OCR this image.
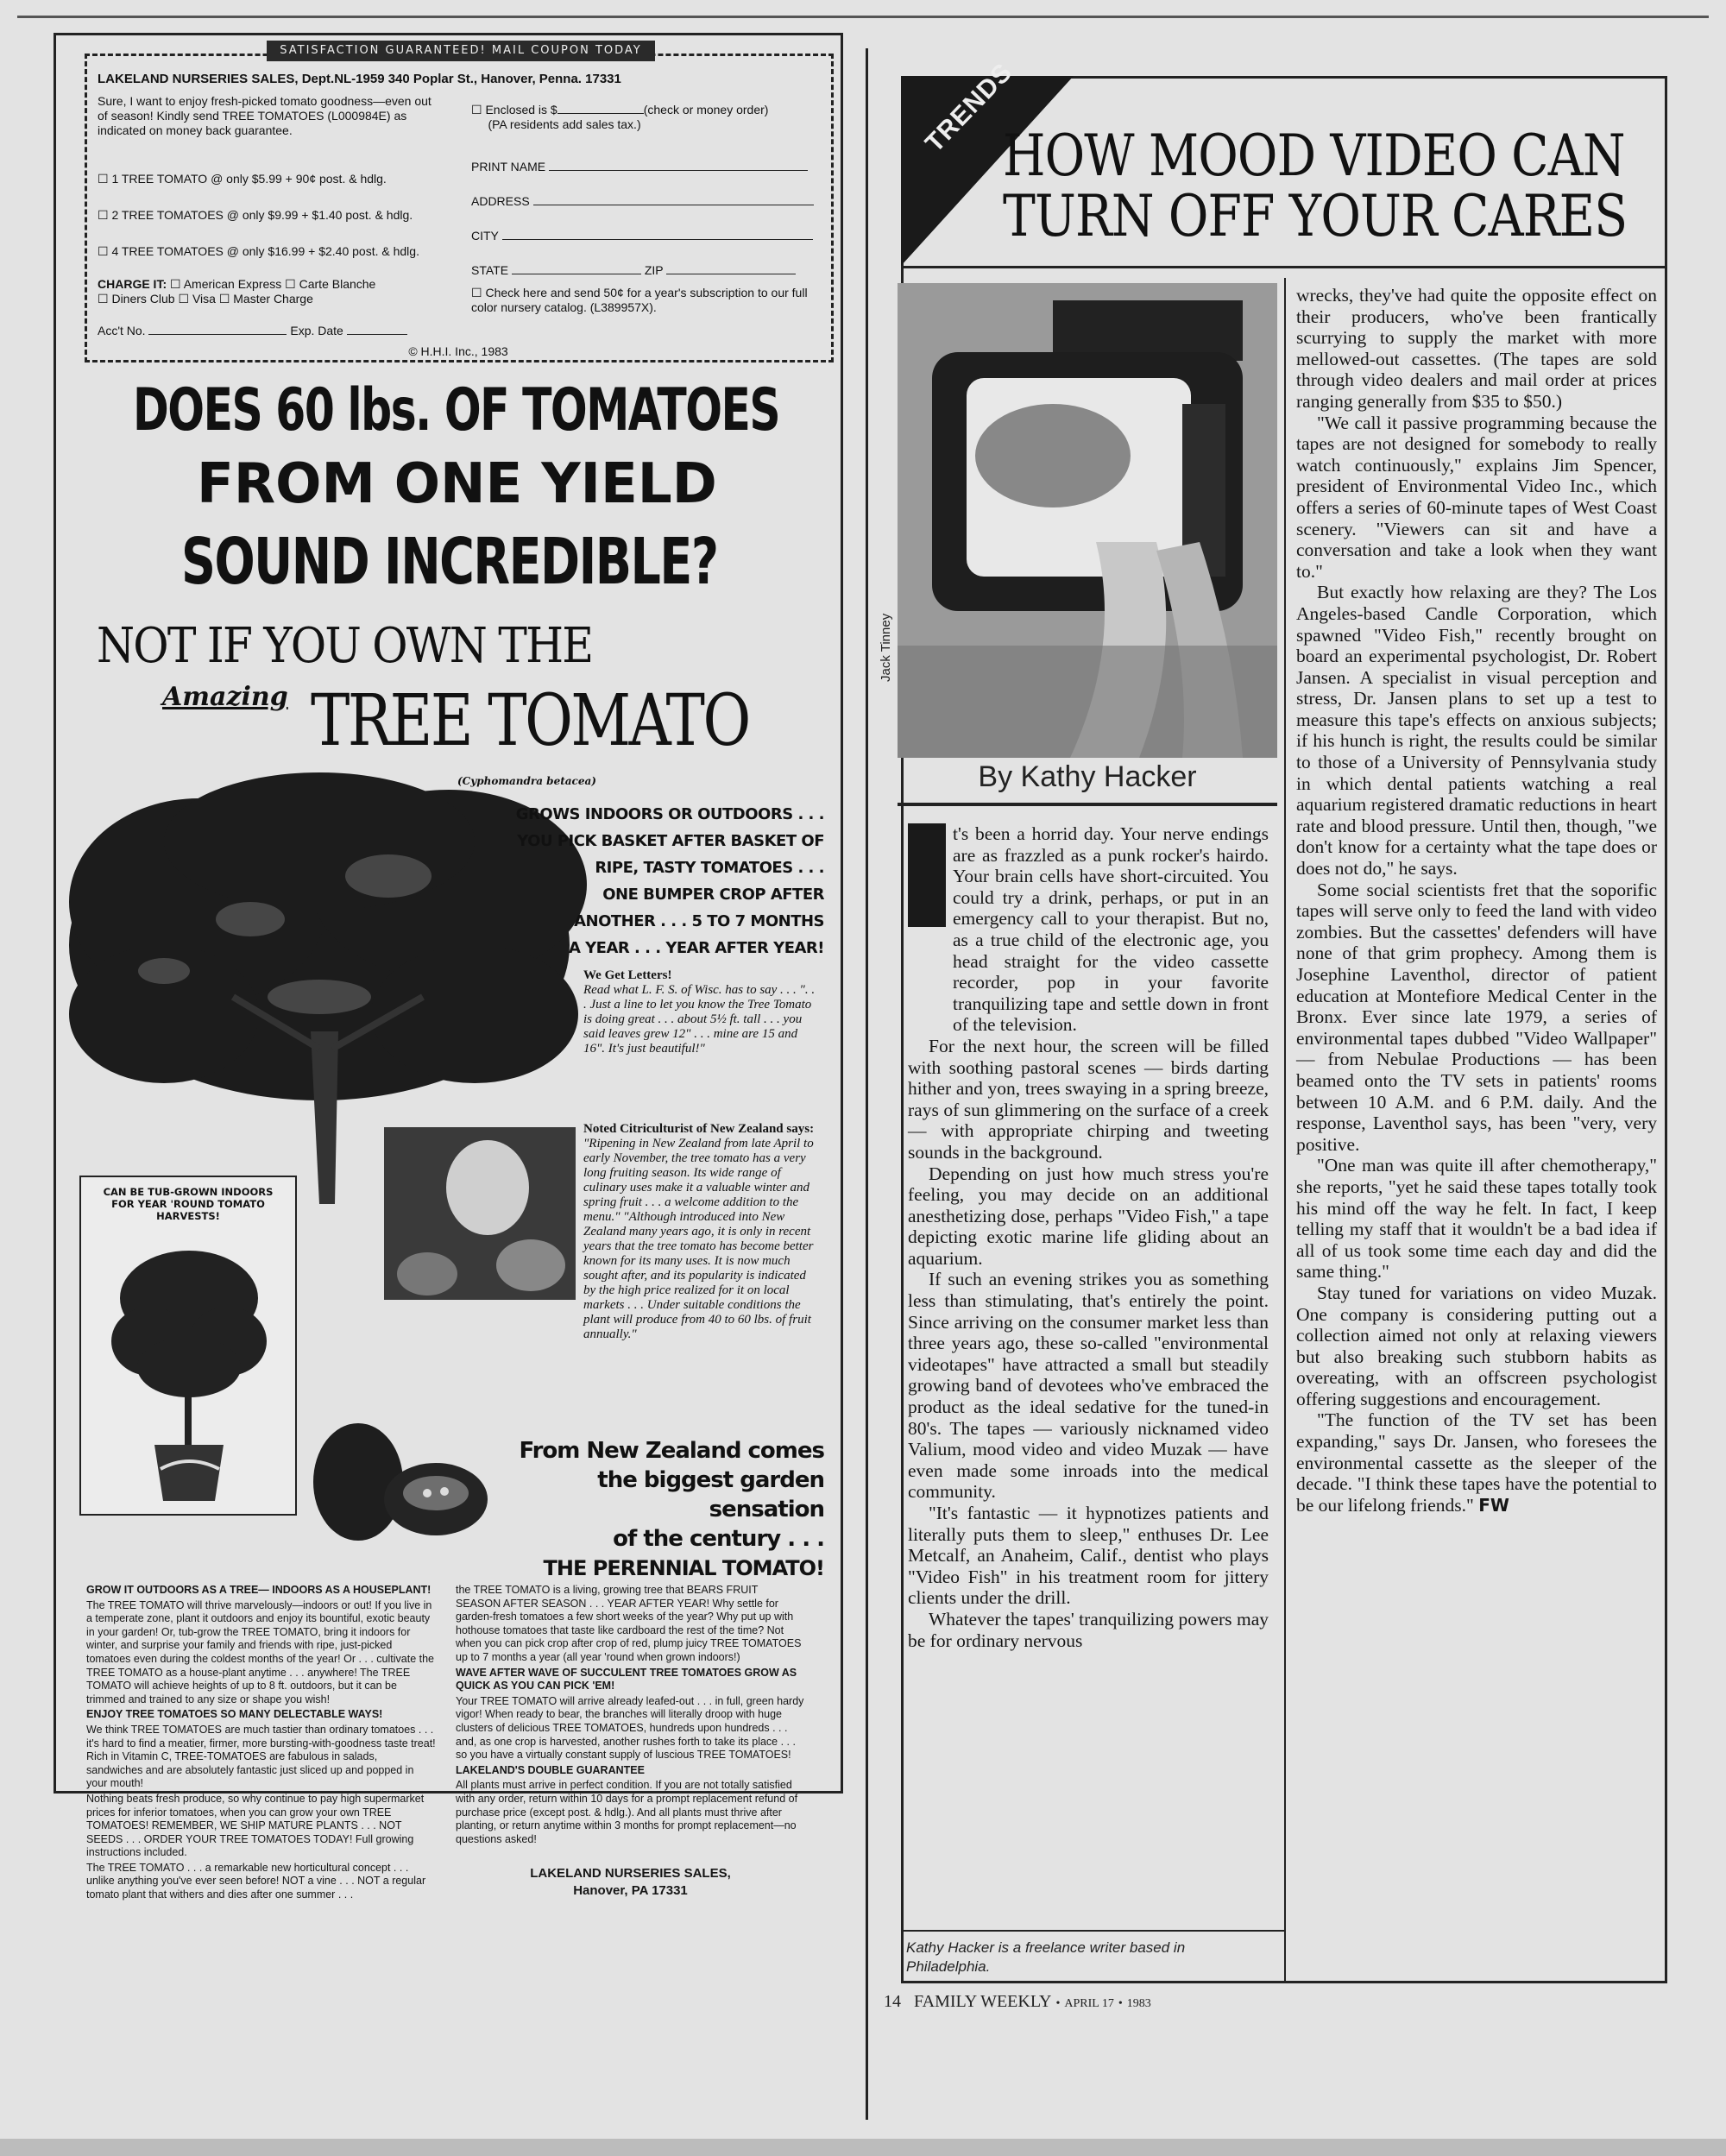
SATISFACTION GUARANTEED! MAIL COUPON TODAY
LAKELAND NURSERIES SALES, Dept.NL-1959 340 Poplar St., Hanover, Penna. 17331
Sure, I want to enjoy fresh-picked tomato goodness—even out of season! Kindly send TREE TOMATOES (L000984E) as indicated on money back guarantee.
☐ 1 TREE TOMATO @ only $5.99 + 90¢ post. & hdlg.
☐ 2 TREE TOMATOES @ only $9.99 + $1.40 post. & hdlg.
☐ 4 TREE TOMATOES @ only $16.99 + $2.40 post. & hdlg.
CHARGE IT: ☐ American Express ☐ Carte Blanche
☐ Diners Club ☐ Visa ☐ Master Charge
Acc't No.	Exp. Date
☐ Enclosed is $	(check or money order)
(PA residents add sales tax.)
PRINT NAME
ADDRESS
CITY
STATE	ZIP
☐ Check here and send 50¢ for a year's subscription to our full color nursery catalog. (L389957X).
© H.H.I. Inc., 1983
DOES 60 lbs. OF TOMATOES
FROM ONE YIELD
SOUND INCREDIBLE?
NOT IF YOU OWN THE
Amazing TREE TOMATO
(Cyphomandra betacea)
GROWS INDOORS OR OUTDOORS . . .
YOU PICK BASKET AFTER BASKET OF
RIPE, TASTY TOMATOES . . .
ONE BUMPER CROP AFTER
ANOTHER . . . 5 TO 7 MONTHS
A YEAR . . . YEAR AFTER YEAR!
We Get Letters!
Read what L. F. S. of Wisc. has to say . . . ". . . Just a line to let you know the Tree Tomato is doing great . . . about 5½ ft. tall . . . you said leaves grew 12" . . . mine are 15 and 16". It's just beautiful!"
Noted Citriculturist of New Zealand says:
"Ripening in New Zealand from late April to early November, the tree tomato has a very long fruiting season. Its wide range of culinary uses make it a valuable winter and spring fruit . . . a welcome addition to the menu." "Although introduced into New Zealand many years ago, it is only in recent years that the tree tomato has become better known for its many uses. It is now much sought after, and its popularity is indicated by the high price realized for it on local markets . . . Under suitable conditions the plant will produce from 40 to 60 lbs. of fruit annually."
CAN BE TUB-GROWN INDOORS FOR YEAR 'ROUND TOMATO HARVESTS!
From New Zealand comes
the biggest garden sensation
of the century . . .
THE PERENNIAL TOMATO!

GROW IT OUTDOORS AS A TREE— INDOORS AS A HOUSEPLANT!

The TREE TOMATO will thrive marvelously—indoors or out! If you live in a temperate zone, plant it outdoors and enjoy its bountiful, exotic beauty in your garden! Or, tub-grow the TREE TOMATO, bring it indoors for winter, and surprise your family and friends with ripe, just-picked tomatoes even during the coldest months of the year! Or . . . cultivate the TREE TOMATO as a house-plant anytime . . . anywhere! The TREE TOMATO will achieve heights of up to 8 ft. outdoors, but it can be trimmed and trained to any size or shape you wish!

ENJOY TREE TOMATOES SO MANY DELECTABLE WAYS!

We think TREE TOMATOES are much tastier than ordinary tomatoes . . . it's hard to find a meatier, firmer, more bursting-with-goodness taste treat! Rich in Vitamin C, TREE-TOMATOES are fabulous in salads, sandwiches and are absolutely fantastic just sliced up and popped in your mouth!

Nothing beats fresh produce, so why continue to pay high supermarket prices for inferior tomatoes, when you can grow your own TREE TOMATOES! REMEMBER, WE SHIP MATURE PLANTS . . . NOT SEEDS . . . ORDER YOUR TREE TOMATOES TODAY! Full growing instructions included.

The TREE TOMATO . . . a remarkable new horticultural concept . . . unlike anything you've ever seen before! NOT a vine . . . NOT a regular tomato plant that withers and dies after one summer . . .

the TREE TOMATO is a living, growing tree that BEARS FRUIT SEASON AFTER SEASON . . . YEAR AFTER YEAR! Why settle for garden-fresh tomatoes a few short weeks of the year? Why put up with hothouse tomatoes that taste like cardboard the rest of the time? Not when you can pick crop after crop of red, plump juicy TREE TOMATOES up to 7 months a year (all year 'round when grown indoors!)

WAVE AFTER WAVE OF SUCCULENT TREE TOMATOES GROW AS QUICK AS YOU CAN PICK 'EM!

Your TREE TOMATO will arrive already leafed-out . . . in full, green hardy vigor! When ready to bear, the branches will literally droop with huge clusters of delicious TREE TOMATOES, hundreds upon hundreds . . . and, as one crop is harvested, another rushes forth to take its place . . . so you have a virtually constant supply of luscious TREE TOMATOES!

LAKELAND'S DOUBLE GUARANTEE

All plants must arrive in perfect condition. If you are not totally satisfied with any order, return within 10 days for a prompt replacement refund of purchase price (except post. & hdlg.). And all plants must thrive after planting, or return anytime within 3 months for prompt replacement—no questions asked!

LAKELAND NURSERIES SALES,
Hanover, PA 17331
TRENDS
HOW MOOD VIDEO CAN
TURN OFF YOUR CARES
Jack Tinney
By Kathy Hacker
I	t's been a horrid day. Your nerve endings are as frazzled as a punk rocker's hairdo. Your brain cells have short-circuited. You could try a drink, perhaps, or put in an emergency call to your therapist. But no, as a true child of the electronic age, you head straight for the video cassette recorder, pop in your favorite tranquilizing tape and settle down in front of the television.

For the next hour, the screen will be filled with soothing pastoral scenes — birds darting hither and yon, trees swaying in a spring breeze, rays of sun glimmering on the surface of a creek — with appropriate chirping and tweeting sounds in the background.

Depending on just how much stress you're feeling, you may decide on an additional anesthetizing dose, perhaps "Video Fish," a tape depicting exotic marine life gliding about an aquarium.

If such an evening strikes you as something less than stimulating, that's entirely the point. Since arriving on the consumer market less than three years ago, these so-called "environmental videotapes" have attracted a small but steadily growing band of devotees who've embraced the product as the ideal sedative for the tuned-in 80's. The tapes — variously nicknamed video Valium, mood video and video Muzak — have even made some inroads into the medical community.

"It's fantastic — it hypnotizes patients and literally puts them to sleep," enthuses Dr. Lee Metcalf, an Anaheim, Calif., dentist who plays "Video Fish" in his treatment room for jittery clients under the drill.

Whatever the tapes' tranquilizing powers may be for ordinary nervous

Kathy Hacker is a freelance writer based in Philadelphia.

wrecks, they've had quite the opposite effect on their producers, who've been frantically scurrying to supply the market with more mellowed-out cassettes. (The tapes are sold through video dealers and mail order at prices ranging generally from $35 to $50.)

"We call it passive programming because the tapes are not designed for somebody to really watch continuously," explains Jim Spencer, president of Environmental Video Inc., which offers a series of 60-minute tapes of West Coast scenery. "Viewers can sit and have a conversation and take a look when they want to."

But exactly how relaxing are they? The Los Angeles-based Candle Corporation, which spawned "Video Fish," recently brought on board an experimental psychologist, Dr. Robert Jansen. A specialist in visual perception and stress, Dr. Jansen plans to set up a test to measure this tape's effects on anxious subjects; if his hunch is right, the results could be similar to those of a University of Pennsylvania study in which dental patients watching a real aquarium registered dramatic reductions in heart rate and blood pressure. Until then, though, "we don't know for a certainty what the tape does or does not do," he says.

Some social scientists fret that the soporific tapes will serve only to feed the land with video zombies. But the cassettes' defenders will have none of that grim prophecy. Among them is Josephine Laventhol, director of patient education at Montefiore Medical Center in the Bronx. Ever since late 1979, a series of environmental tapes dubbed "Video Wallpaper" — from Nebulae Productions — has been beamed onto the TV sets in patients' rooms between 10 A.M. and 6 P.M. daily. And the response, Laventhol says, has been "very, very positive.

"One man was quite ill after chemotherapy," she reports, "yet he said these tapes totally took his mind off the way he felt. In fact, I keep telling my staff that it wouldn't be a bad idea if all of us took some time each day and did the same thing."

Stay tuned for variations on video Muzak. One company is considering putting out a collection aimed not only at relaxing viewers but also breaking such stubborn habits as overeating, with an offscreen psychologist offering suggestions and encouragement.

"The function of the TV set has been expanding," says Dr. Jansen, who foresees the environmental cassette as the sleeper of the decade. "I think these tapes have the potential to be our lifelong friends." FW

14 FAMILY WEEKLY • APRIL 17 • 1983
